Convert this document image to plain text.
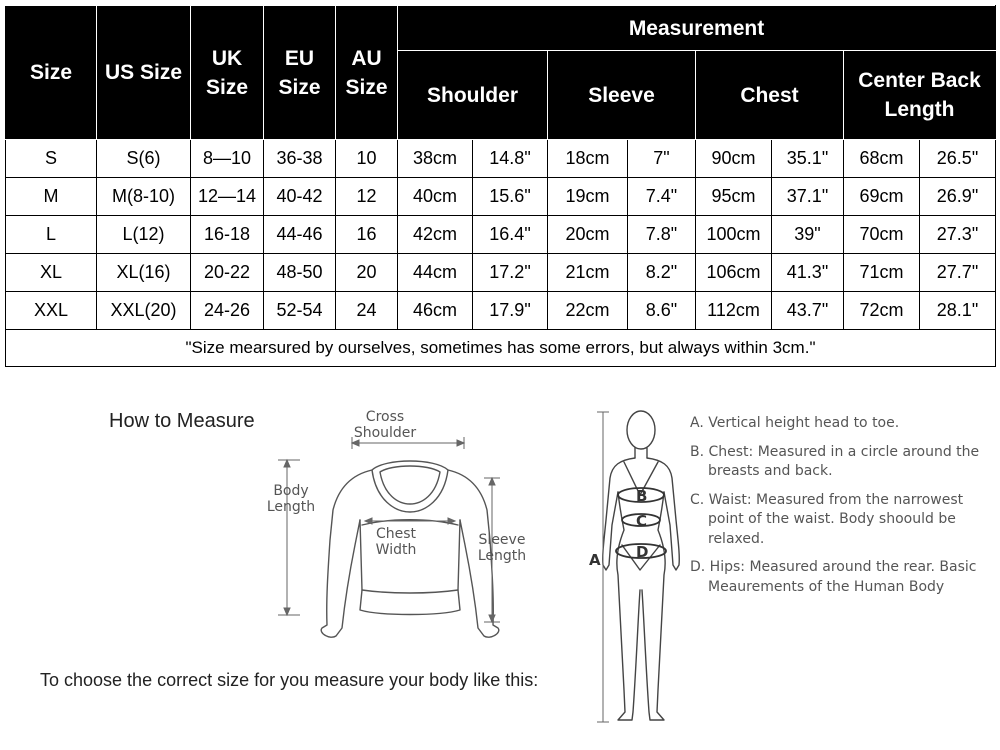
Size	US Size	UK Size	EU Size	AU Size	Measurement							
					Shoulder		Sleeve		Chest		Center Back Length	
S	S(6)	8—10	36-38	10	38cm	14.8"	18cm	7"	90cm	35.1"	68cm	26.5"
M	M(8-10)	12—14	40-42	12	40cm	15.6"	19cm	7.4"	95cm	37.1"	69cm	26.9"
L	L(12)	16-18	44-46	16	42cm	16.4"	20cm	7.8"	100cm	39"	70cm	27.3"
XL	XL(16)	20-22	48-50	20	44cm	17.2"	21cm	8.2"	106cm	41.3"	71cm	27.7"
XXL	XXL(20)	24-26	52-54	24	46cm	17.9"	22cm	8.6"	112cm	43.7"	72cm	28.1"
"Size mearsured by ourselves, sometimes has some errors, but always within 3cm."												
How to Measure
To choose the correct size for you measure your body like this:
Cross Shoulder
Body Length
Chest Width
Sleeve Length	A
B
C
D
A. Vertical height head to toe.
B. Chest: Measured in a circle around the breasts and back.
C. Waist: Measured from the narrowest point of the waist. Body shoould be relaxed.
D. Hips: Measured around the rear. Basic Meaurements of the Human Body
